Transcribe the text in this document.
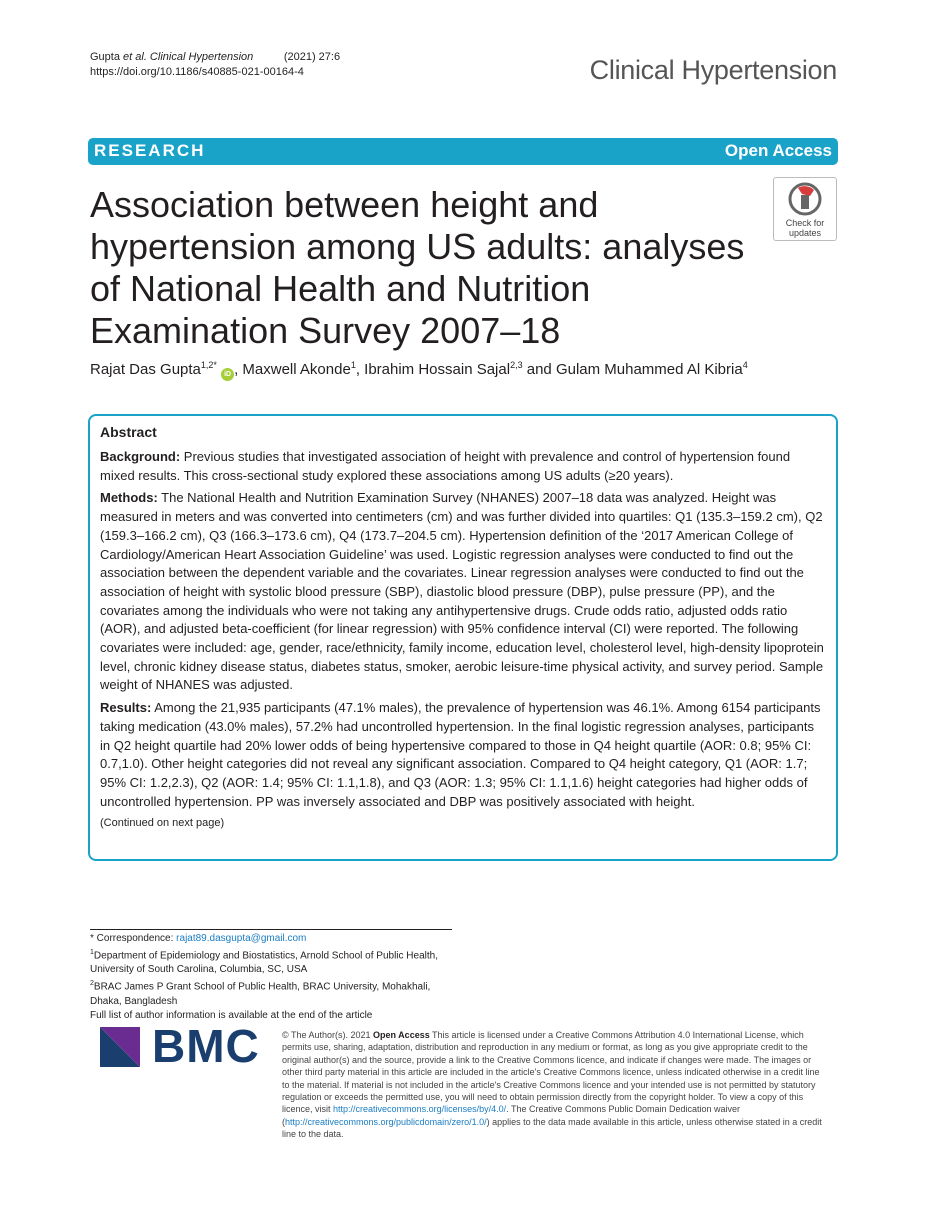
Gupta et al. Clinical Hypertension	(2021) 27:6
https://doi.org/10.1186/s40885-021-00164-4	Clinical Hypertension
RESEARCH	Open Access
Association between height and hypertension among US adults: analyses of National Health and Nutrition Examination Survey 2007–18
Check for
updates
Rajat Das Gupta$^{1,2*}$ iD , Maxwell Akonde$^1$, Ibrahim Hossain Sajal$^{2,3}$ and Gulam Muhammed Al Kibria$^4$
Abstract

Background: Previous studies that investigated association of height with prevalence and control of hypertension found mixed results. This cross-sectional study explored these associations among US adults (≥20 years).

Methods: The National Health and Nutrition Examination Survey (NHANES) 2007–18 data was analyzed. Height was measured in meters and was converted into centimeters (cm) and was further divided into quartiles: Q1 (135.3–159.2 cm), Q2 (159.3–166.2 cm), Q3 (166.3–173.6 cm), Q4 (173.7–204.5 cm). Hypertension definition of the ‘2017 American College of Cardiology/American Heart Association Guideline’ was used. Logistic regression analyses were conducted to find out the association between the dependent variable and the covariates. Linear regression analyses were conducted to find out the association of height with systolic blood pressure (SBP), diastolic blood pressure (DBP), pulse pressure (PP), and the covariates among the individuals who were not taking any antihypertensive drugs. Crude odds ratio, adjusted odds ratio (AOR), and adjusted beta-coefficient (for linear regression) with 95% confidence interval (CI) were reported. The following covariates were included: age, gender, race/ethnicity, family income, education level, cholesterol level, high-density lipoprotein level, chronic kidney disease status, diabetes status, smoker, aerobic leisure-time physical activity, and survey period. Sample weight of NHANES was adjusted.

Results: Among the 21,935 participants (47.1% males), the prevalence of hypertension was 46.1%. Among 6154 participants taking medication (43.0% males), 57.2% had uncontrolled hypertension. In the final logistic regression analyses, participants in Q2 height quartile had 20% lower odds of being hypertensive compared to those in Q4 height quartile (AOR: 0.8; 95% CI: 0.7,1.0). Other height categories did not reveal any significant association. Compared to Q4 height category, Q1 (AOR: 1.7; 95% CI: 1.2,2.3), Q2 (AOR: 1.4; 95% CI: 1.1,1.8), and Q3 (AOR: 1.3; 95% CI: 1.1,1.6) height categories had higher odds of uncontrolled hypertension. PP was inversely associated and DBP was positively associated with height.

(Continued on next page)
* Correspondence: rajat89.dasgupta@gmail.com
$^1$Department of Epidemiology and Biostatistics, Arnold School of Public Health, University of South Carolina, Columbia, SC, USA
$^2$BRAC James P Grant School of Public Health, BRAC University, Mohakhali, Dhaka, Bangladesh
Full list of author information is available at the end of the article
BMC © The Author(s). 2021 Open Access This article is licensed under a Creative Commons Attribution 4.0 International License, which permits use, sharing, adaptation, distribution and reproduction in any medium or format, as long as you give appropriate credit to the original author(s) and the source, provide a link to the Creative Commons licence, and indicate if changes were made. The images or other third party material in this article are included in the article's Creative Commons licence, unless indicated otherwise in a credit line to the material. If material is not included in the article's Creative Commons licence and your intended use is not permitted by statutory regulation or exceeds the permitted use, you will need to obtain permission directly from the copyright holder. To view a copy of this licence, visit http://creativecommons.org/licenses/by/4.0/. The Creative Commons Public Domain Dedication waiver (http://creativecommons.org/publicdomain/zero/1.0/) applies to the data made available in this article, unless otherwise stated in a credit line to the data.
